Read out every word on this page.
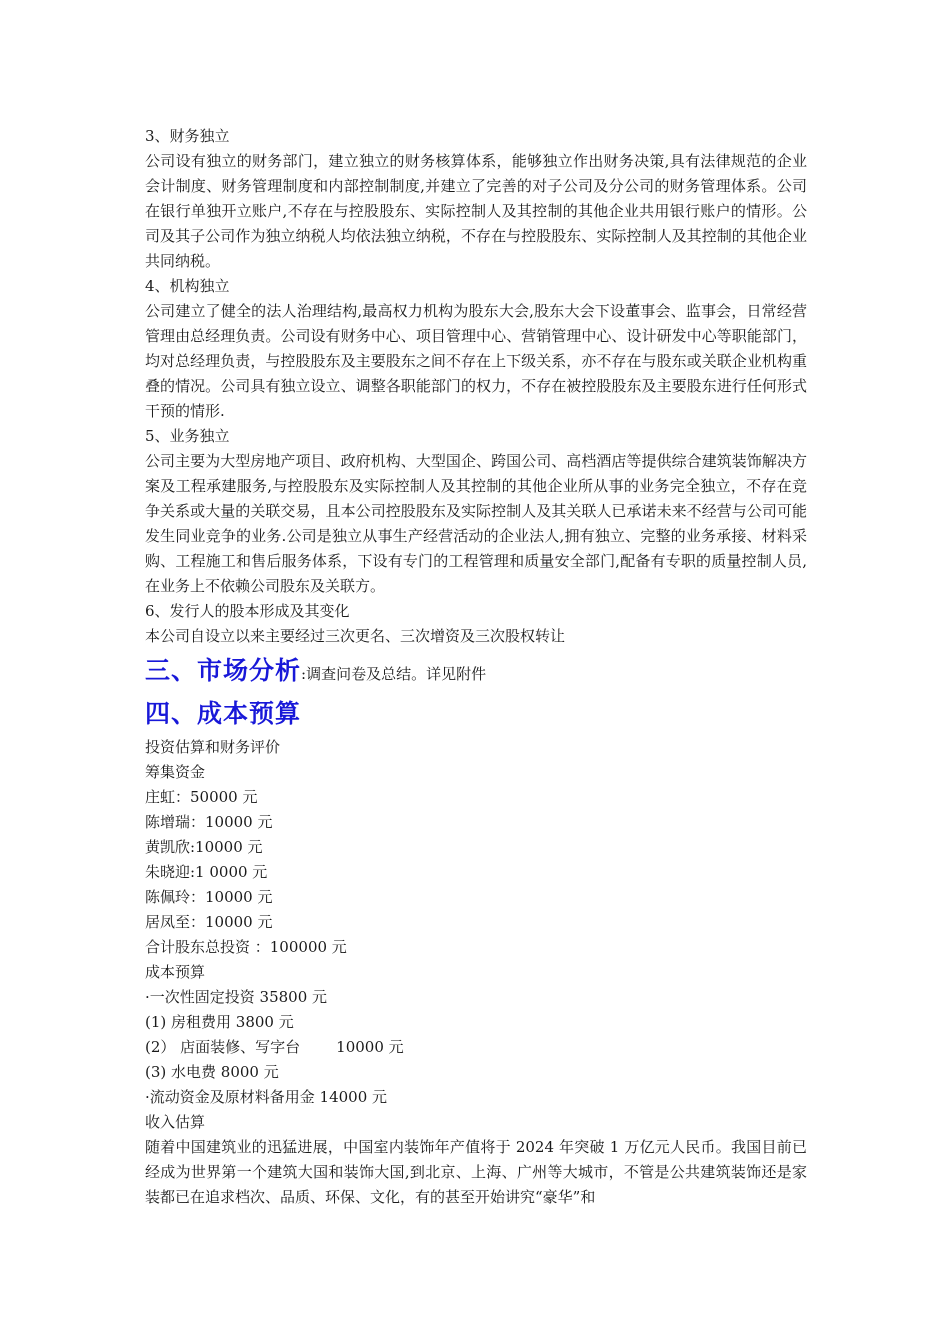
3、财务独立
公司设有独立的财务部门，建立独立的财务核算体系，能够独立作出财务决策,具有法律规范的企业会计制度、财务管理制度和内部控制制度,并建立了完善的对子公司及分公司的财务管理体系。公司在银行单独开立账户,不存在与控股股东、实际控制人及其控制的其他企业共用银行账户的情形。公司及其子公司作为独立纳税人均依法独立纳税，不存在与控股股东、实际控制人及其控制的其他企业共同纳税。
4、机构独立
公司建立了健全的法人治理结构,最高权力机构为股东大会,股东大会下设董事会、监事会，日常经营管理由总经理负责。公司设有财务中心、项目管理中心、营销管理中心、设计研发中心等职能部门，均对总经理负责，与控股股东及主要股东之间不存在上下级关系，亦不存在与股东或关联企业机构重叠的情况。公司具有独立设立、调整各职能部门的权力，不存在被控股股东及主要股东进行任何形式干预的情形.
5、业务独立
公司主要为大型房地产项目、政府机构、大型国企、跨国公司、高档酒店等提供综合建筑装饰解决方案及工程承建服务,与控股股东及实际控制人及其控制的其他企业所从事的业务完全独立，不存在竞争关系或大量的关联交易，且本公司控股股东及实际控制人及其关联人已承诺未来不经营与公司可能发生同业竞争的业务.公司是独立从事生产经营活动的企业法人,拥有独立、完整的业务承接、材料采购、工程施工和售后服务体系，下设有专门的工程管理和质量安全部门,配备有专职的质量控制人员,在业务上不依赖公司股东及关联方。
6、发行人的股本形成及其变化
本公司自设立以来主要经过三次更名、三次增资及三次股权转让
三、市场分析:调查问卷及总结。详见附件
四、成本预算
投资估算和财务评价
筹集资金
庄虹：50000 元
陈增瑞：10000 元
黄凯欣:10000 元
朱晓迎:1 0000 元
陈佩玲：10000 元
居凤至：10000 元
合计股东总投资 ：100000 元
成本预算
·一次性固定投资 35800 元
(1) 房租费用 3800 元
(2） 店面装修、写字台 10000 元
(3) 水电费 8000 元
·流动资金及原材料备用金 14000 元
收入估算
随着中国建筑业的迅猛进展，中国室内装饰年产值将于 2024 年突破 1 万亿元人民币。我国目前已经成为世界第一个建筑大国和装饰大国,到北京、上海、广州等大城市，不管是公共建筑装饰还是家装都已在追求档次、品质、环保、文化，有的甚至开始讲究“豪华”和
